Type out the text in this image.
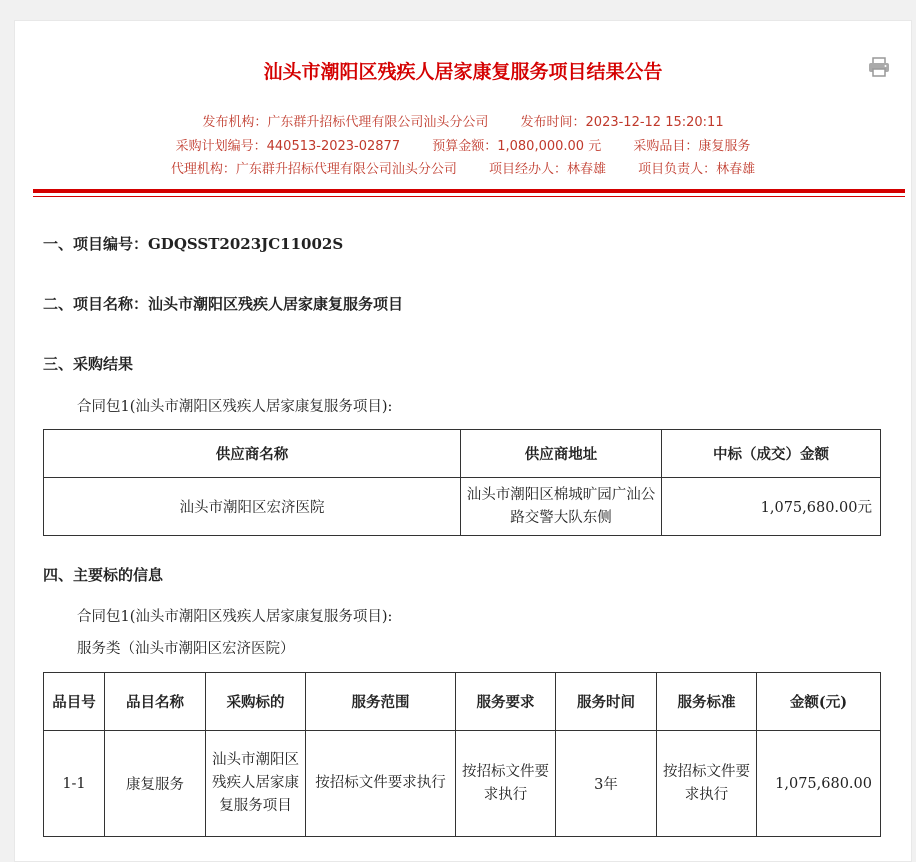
汕头市潮阳区残疾人居家康复服务项目结果公告
发布机构：广东群升招标代理有限公司汕头分公司 发布时间：2023-12-12 15:20:11
采购计划编号：440513-2023-02877 预算金额：1,080,000.00 元 采购品目：康复服务
代理机构：广东群升招标代理有限公司汕头分公司 项目经办人：林春雄 项目负责人：林春雄
一、项目编号：GDQSST2023JC11002S
二、项目名称：汕头市潮阳区残疾人居家康复服务项目
三、采购结果
合同包1(汕头市潮阳区残疾人居家康复服务项目):
供应商名称	供应商地址	中标（成交）金额
汕头市潮阳区宏济医院	汕头市潮阳区棉城旷园广汕公路交警大队东侧	1,075,680.00元
四、主要标的信息
合同包1(汕头市潮阳区残疾人居家康复服务项目):
服务类（汕头市潮阳区宏济医院）
品目号	品目名称	采购标的	服务范围	服务要求	服务时间	服务标准	金额(元)
1-1	康复服务	汕头市潮阳区残疾人居家康复服务项目	按招标文件要求执行	按招标文件要求执行	3年	按招标文件要求执行	1,075,680.00
